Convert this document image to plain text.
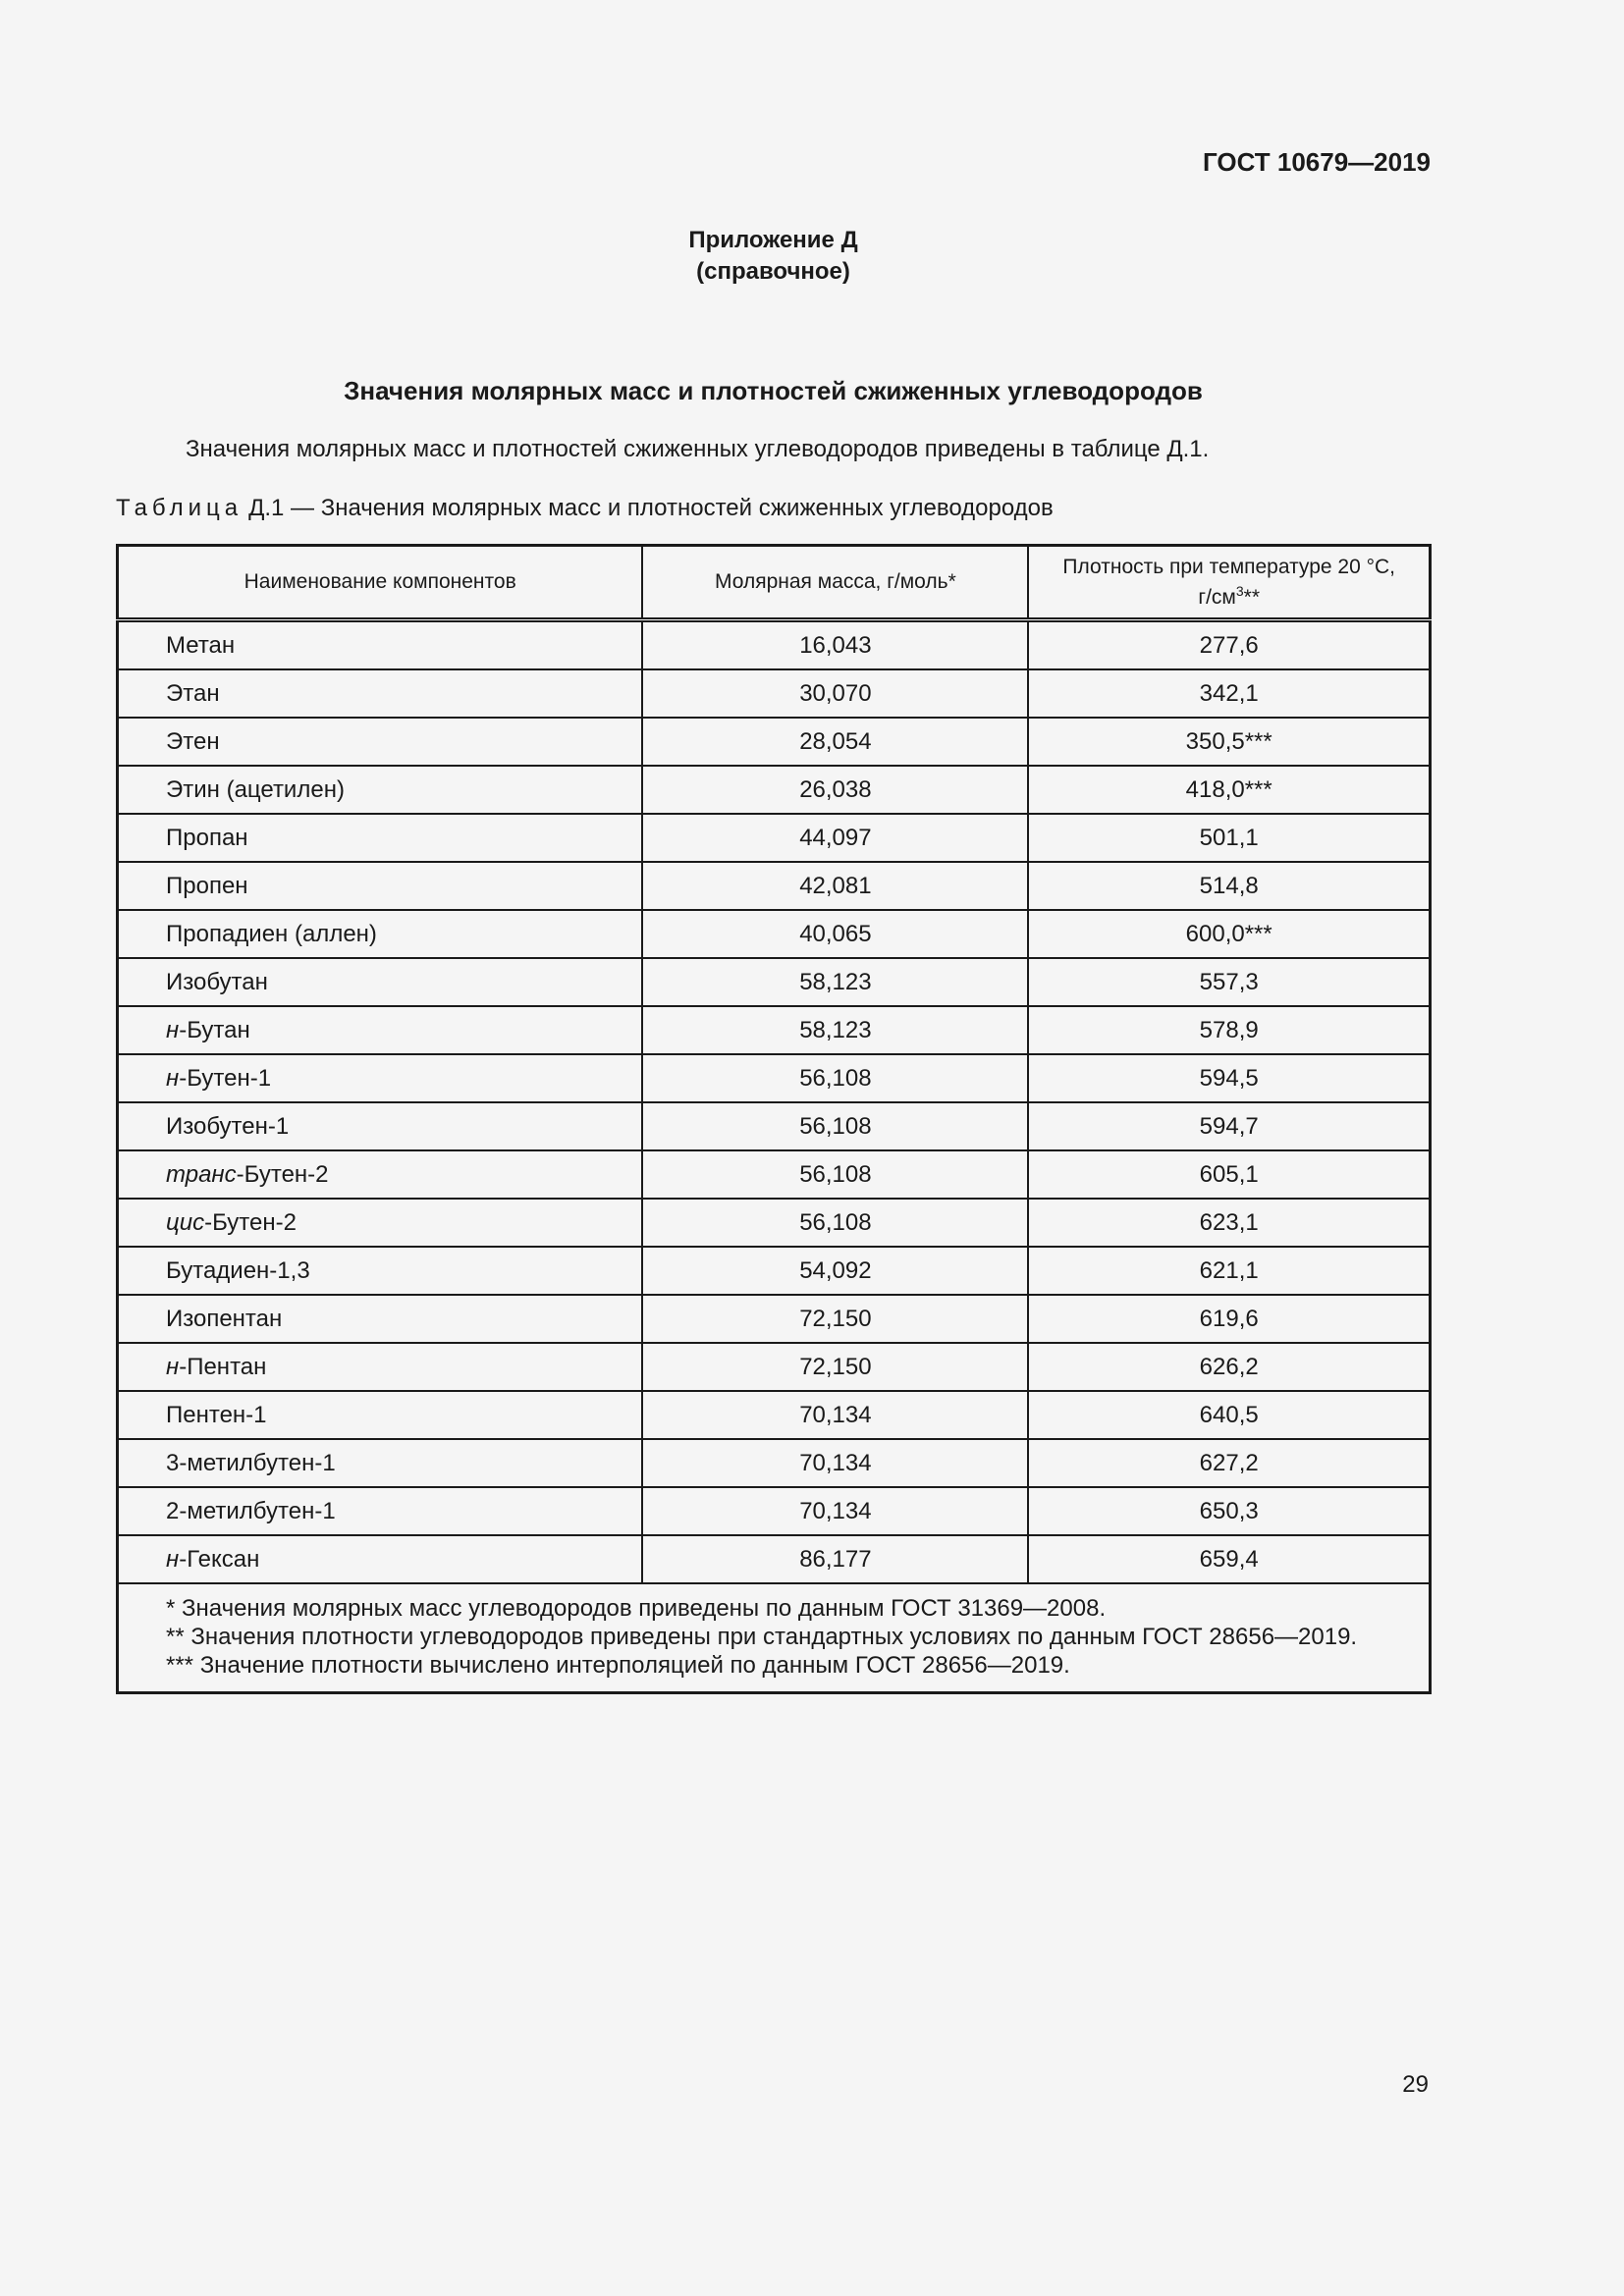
ГОСТ 10679—2019
Приложение Д
(справочное)
Значения молярных масс и плотностей сжиженных углеводородов
Значения молярных масс и плотностей сжиженных углеводородов приведены в таблице Д.1.
Таблица Д.1 — Значения молярных масс и плотностей сжиженных углеводородов
Наименование компонентов	Молярная масса, г/моль*	Плотность при температуре 20 °С,
$г/см^3**$
Метан	16,043	277,6
Этан	30,070	342,1
Этен	28,054	350,5***
Этин (ацетилен)	26,038	418,0***
Пропан	44,097	501,1
Пропен	42,081	514,8
Пропадиен (аллен)	40,065	600,0***
Изобутан	58,123	557,3
н-Бутан	58,123	578,9
н-Бутен-1	56,108	594,5
Изобутен-1	56,108	594,7
транс-Бутен-2	56,108	605,1
цис-Бутен-2	56,108	623,1
Бутадиен-1,3	54,092	621,1
Изопентан	72,150	619,6
н-Пентан	72,150	626,2
Пентен-1	70,134	640,5
3-метилбутен-1	70,134	627,2
2-метилбутен-1	70,134	650,3
н-Гексан	86,177	659,4

* Значения молярных масс углеводородов приведены по данным ГОСТ 31369—2008.
** Значения плотности углеводородов приведены при стандартных условиях по данным ГОСТ 28656—2019.
*** Значение плотности вычислено интерполяцией по данным ГОСТ 28656—2019.		
29
